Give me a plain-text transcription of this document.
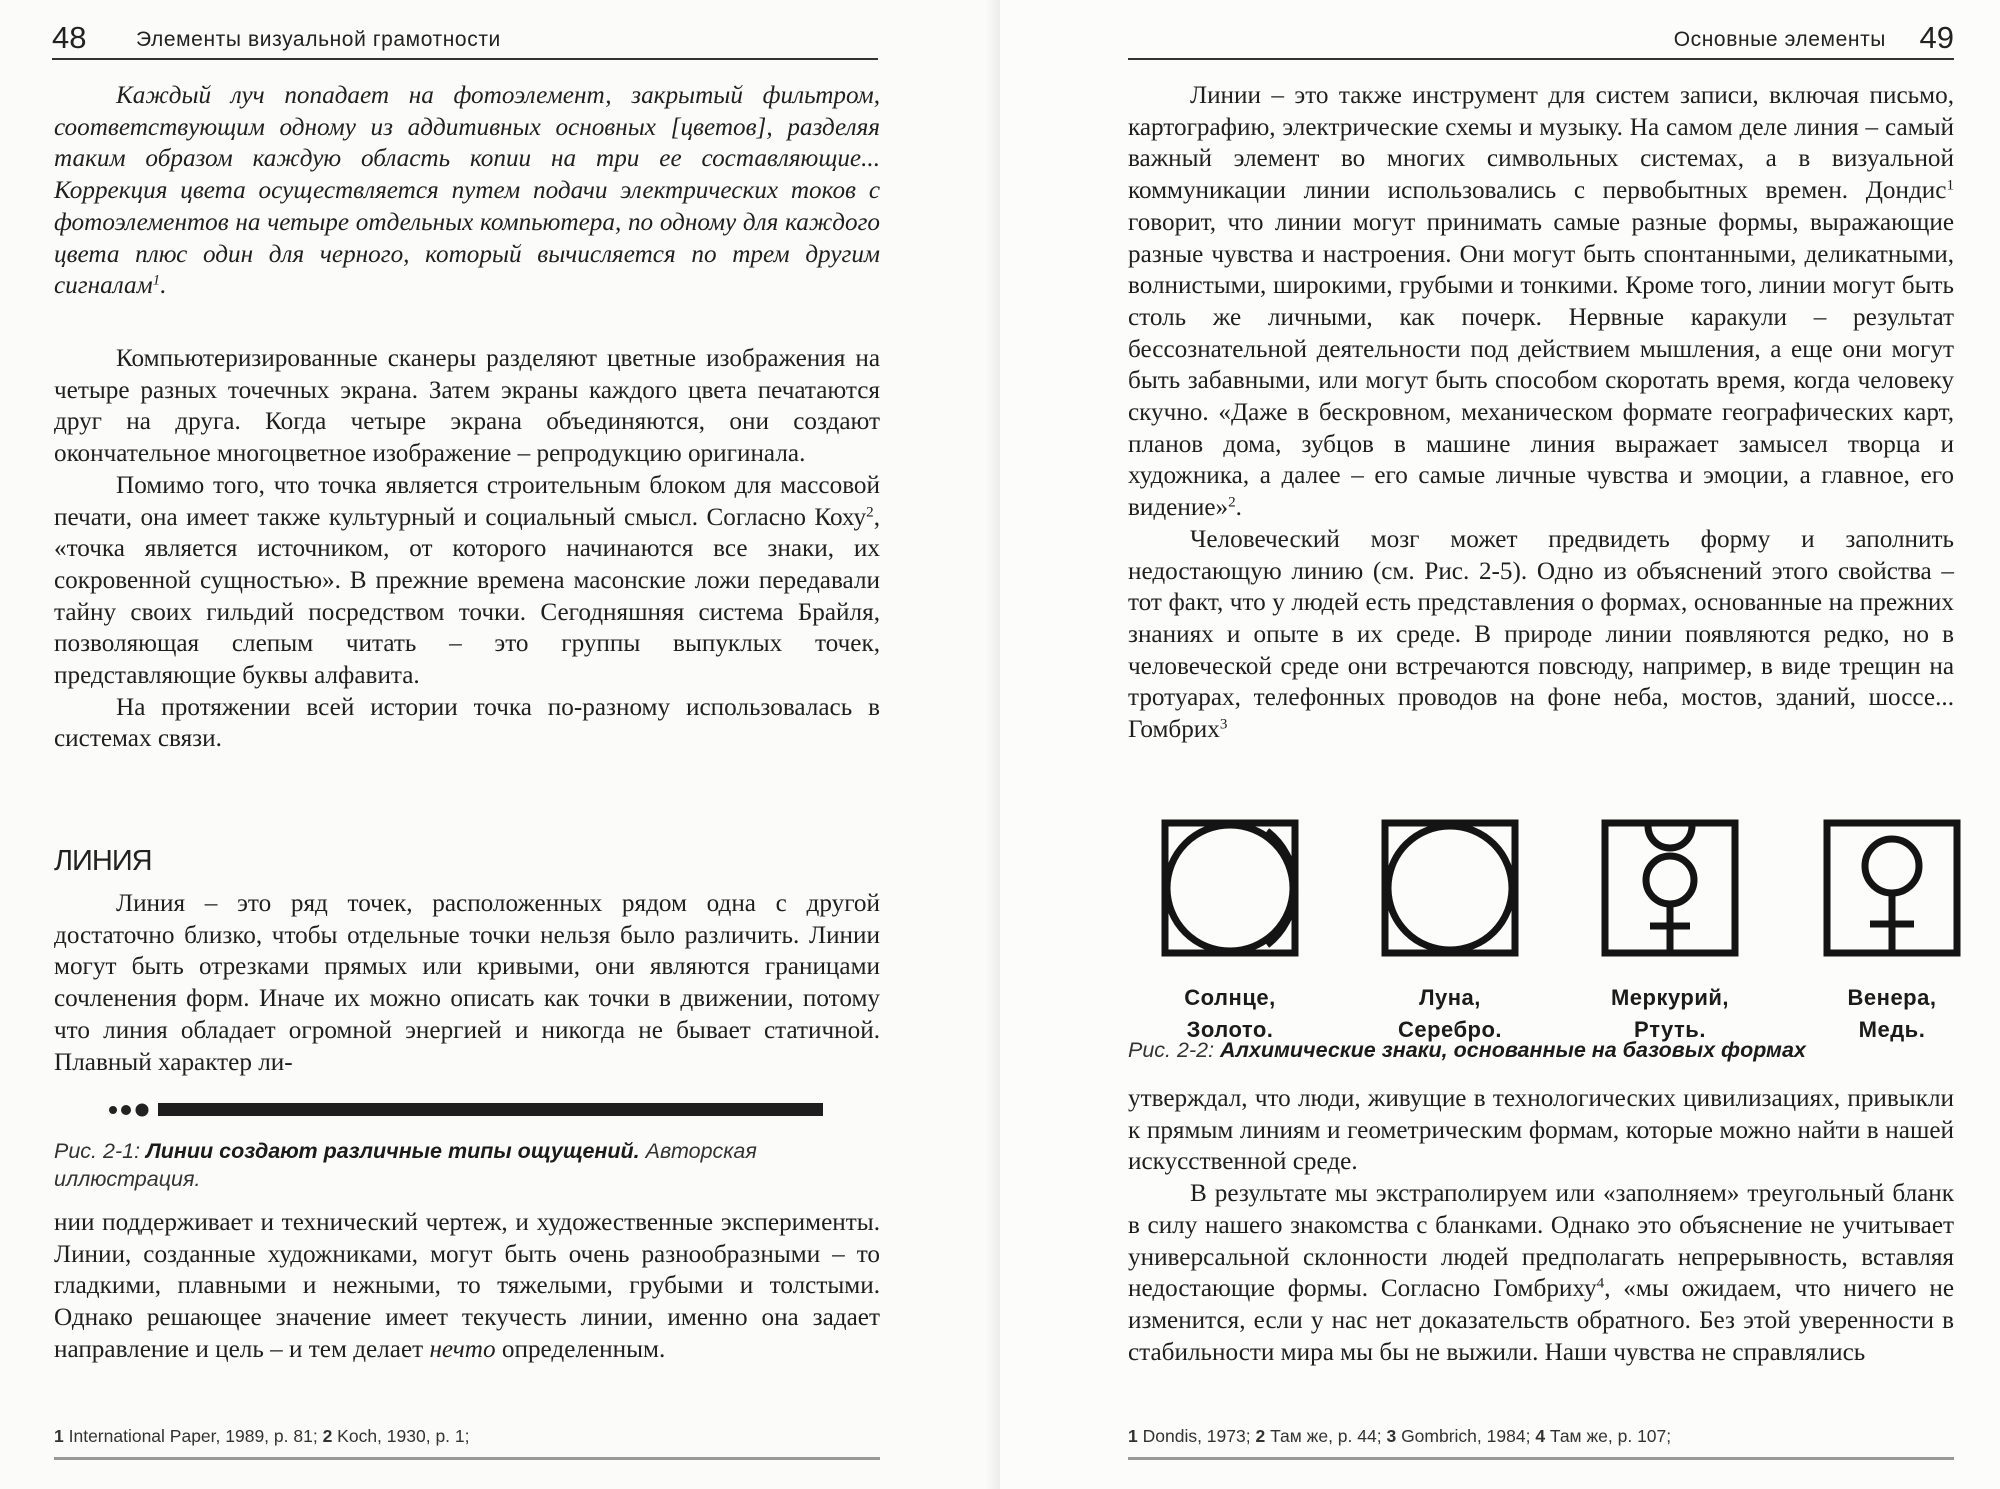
48 Элементы визуальной грамотности

Каждый луч попадает на фотоэлемент, закрытый фильтром, соответствующим одному из аддитивных основных [цветов], разделяя таким образом каждую область копии на три ее составляющие... Коррекция цвета осуществляется путем подачи электрических токов с фотоэлементов на четыре отдельных компьютера, по одному для каждого цвета плюс один для черного, который вычисляется по трем другим сигналам$^1$.

Компьютеризированные сканеры разделяют цветные изображения на четыре разных точечных экрана. Затем экраны каждого цвета печатаются друг на друга. Когда четыре экрана объединяются, они создают окончательное многоцветное изображение – репродукцию оригинала.

Помимо того, что точка является строительным блоком для массовой печати, она имеет также культурный и социальный смысл. Согласно Коху$^2$, «точка является источником, от которого начинаются все знаки, их сокровенной сущностью». В прежние времена масонские ложи передавали тайну своих гильдий посредством точки. Сегодняшняя система Брайля, позволяющая слепым читать – это группы выпуклых точек, представляющие буквы алфавита.

На протяжении всей истории точка по-разному использовалась в системах связи.

ЛИНИЯ

Линия – это ряд точек, расположенных рядом одна с другой достаточно близко, чтобы отдельные точки нельзя было различить. Линии могут быть отрезками прямых или кривыми, они являются границами сочленения форм. Иначе их можно описать как точки в движении, потому что линия обладает огромной энергией и никогда не бывает статичной. Плавный характер ли-

Рис. 2-1: Линии создают различные типы ощущений. Авторская иллюстрация.

нии поддерживает и технический чертеж, и художественные эксперименты. Линии, созданные художниками, могут быть очень разнообразными – то гладкими, плавными и нежными, то тяжелыми, грубыми и толстыми. Однако решающее значение имеет текучесть линии, именно она задает направление и цель – и тем делает нечто определенным.

1 International Paper, 1989, p. 81; 2 Koch, 1930, p. 1;
Основные элементы 49

Линии – это также инструмент для систем записи, включая письмо, картографию, электрические схемы и музыку. На самом деле линия – самый важный элемент во многих символьных системах, а в визуальной коммуникации линии использовались с первобытных времен. Дондис$^1$ говорит, что линии могут принимать самые разные формы, выражающие разные чувства и настроения. Они могут быть спонтанными, деликатными, волнистыми, широкими, грубыми и тонкими. Кроме того, линии могут быть столь же личными, как почерк. Нервные каракули – результат бессознательной деятельности под действием мышления, а еще они могут быть забавными, или могут быть способом скоротать время, когда человеку скучно. «Даже в бескровном, механическом формате географических карт, планов дома, зубцов в машине линия выражает замысел творца и художника, а далее – его самые личные чувства и эмоции, а главное, его видение»$^2$.

Человеческий мозг может предвидеть форму и заполнить недостающую линию (см. Рис. 2-5). Одно из объяснений этого свойства – тот факт, что у людей есть представления о формах, основанные на прежних знаниях и опыте в их среде. В природе линии появляются редко, но в человеческой среде они встречаются повсюду, например, в виде трещин на тротуарах, телефонных проводов на фоне неба, мостов, зданий, шоссе... Гомбрих$^3$

Солнце,
Золото.
Луна,
Серебро.
Меркурий,
Ртуть.
Венера,
Медь.
Рис. 2-2: Алхимические знаки, основанные на базовых формах

утверждал, что люди, живущие в технологических цивилизациях, привыкли к прямым линиям и геометрическим формам, которые можно найти в нашей искусственной среде.

В результате мы экстраполируем или «заполняем» треугольный бланк в силу нашего знакомства с бланками. Однако это объяснение не учитывает универсальной склонности людей предполагать непрерывность, вставляя недостающие формы. Согласно Гомбриху$^4$, «мы ожидаем, что ничего не изменится, если у нас нет доказательств обратного. Без этой уверенности в стабильности мира мы бы не выжили. Наши чувства не справлялись

1 Dondis, 1973; 2 Там же, р. 44; 3 Gombrich, 1984; 4 Там же, р. 107;
